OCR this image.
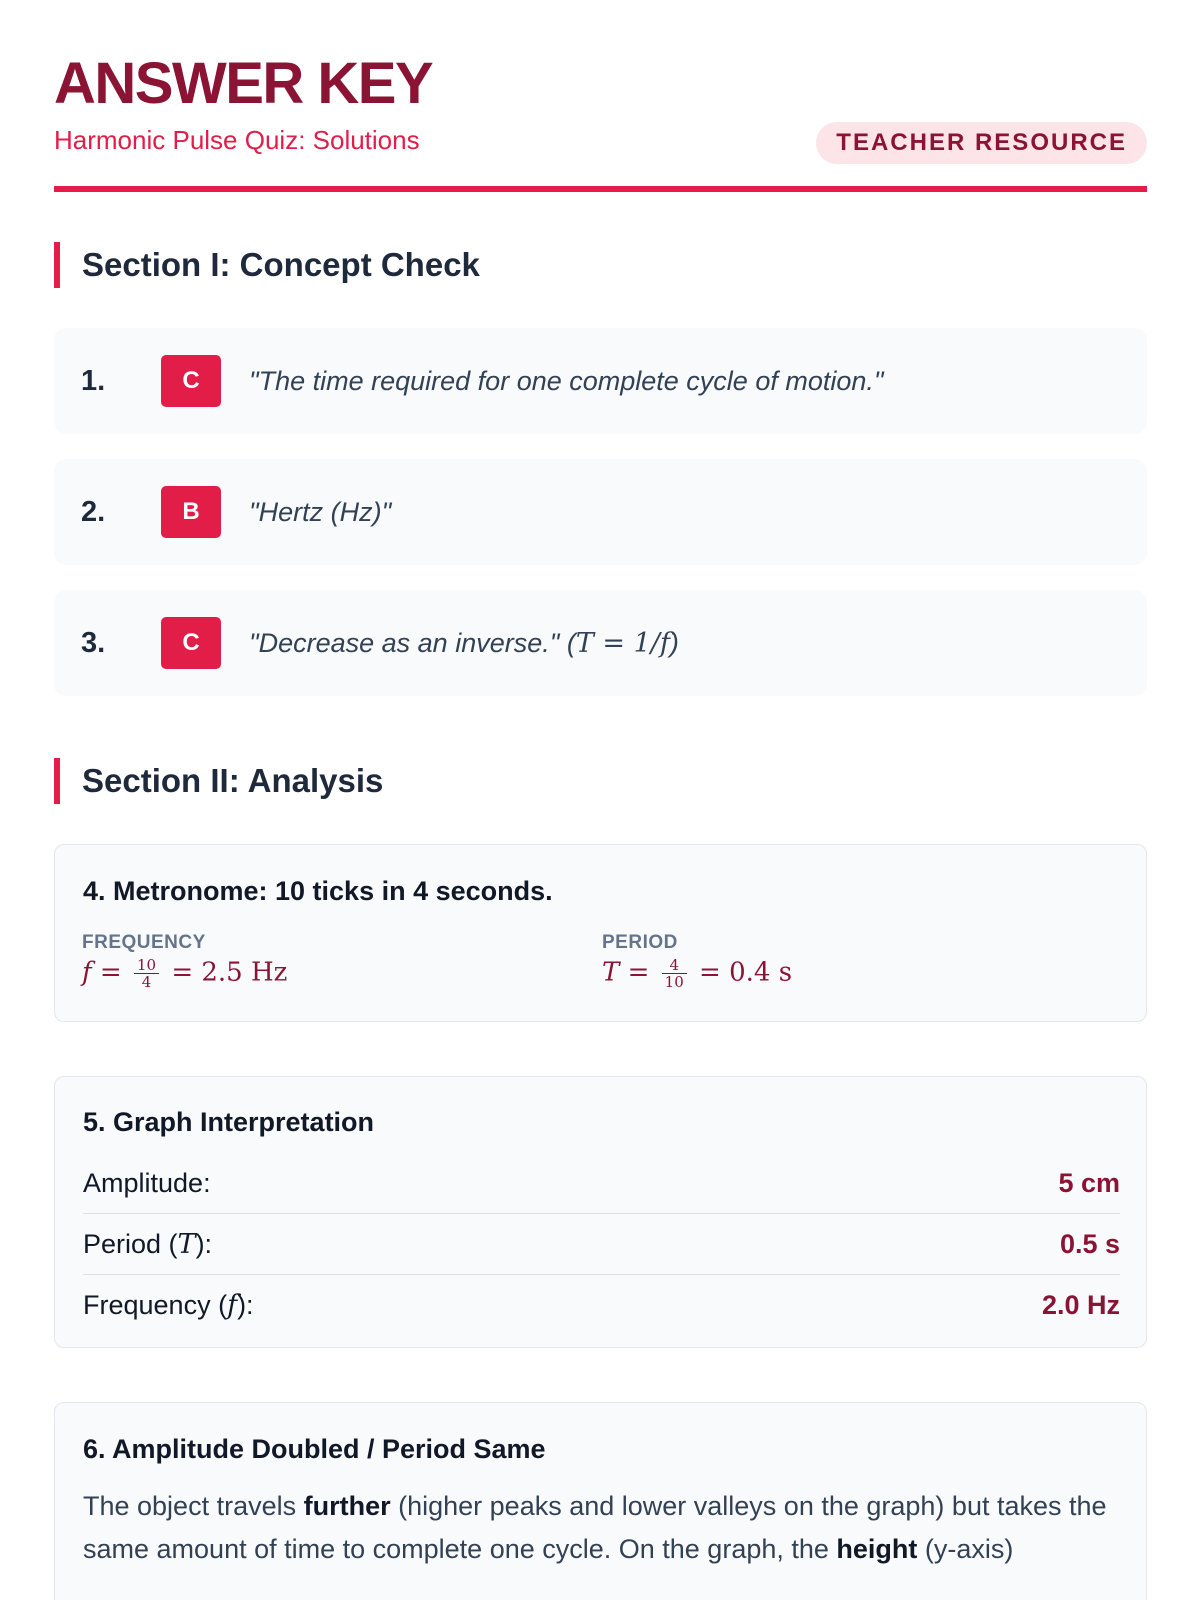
ANSWER KEY
Harmonic Pulse Quiz: Solutions	TEACHER RESOURCE
Section I: Concept Check
1.	C	"The time required for one complete cycle of motion."
2.	B	"Hertz (Hz)"
3.	C	"Decrease as an inverse." (T = 1/f)
Section II: Analysis
4. Metronome: 10 ticks in 4 seconds.
FREQUENCY
$f = \frac{10}{4} = 2.5$ Hz
PERIOD
$T = \frac{4}{10} = 0.4$ s
5. Graph Interpretation
Amplitude:	5 cm
Period (T):	0.5 s
Frequency (f):	2.0 Hz
6. Amplitude Doubled / Period Same
The object travels further (higher peaks and lower valleys on the graph) but takes the same amount of time to complete one cycle. On the graph, the height (y-axis)
